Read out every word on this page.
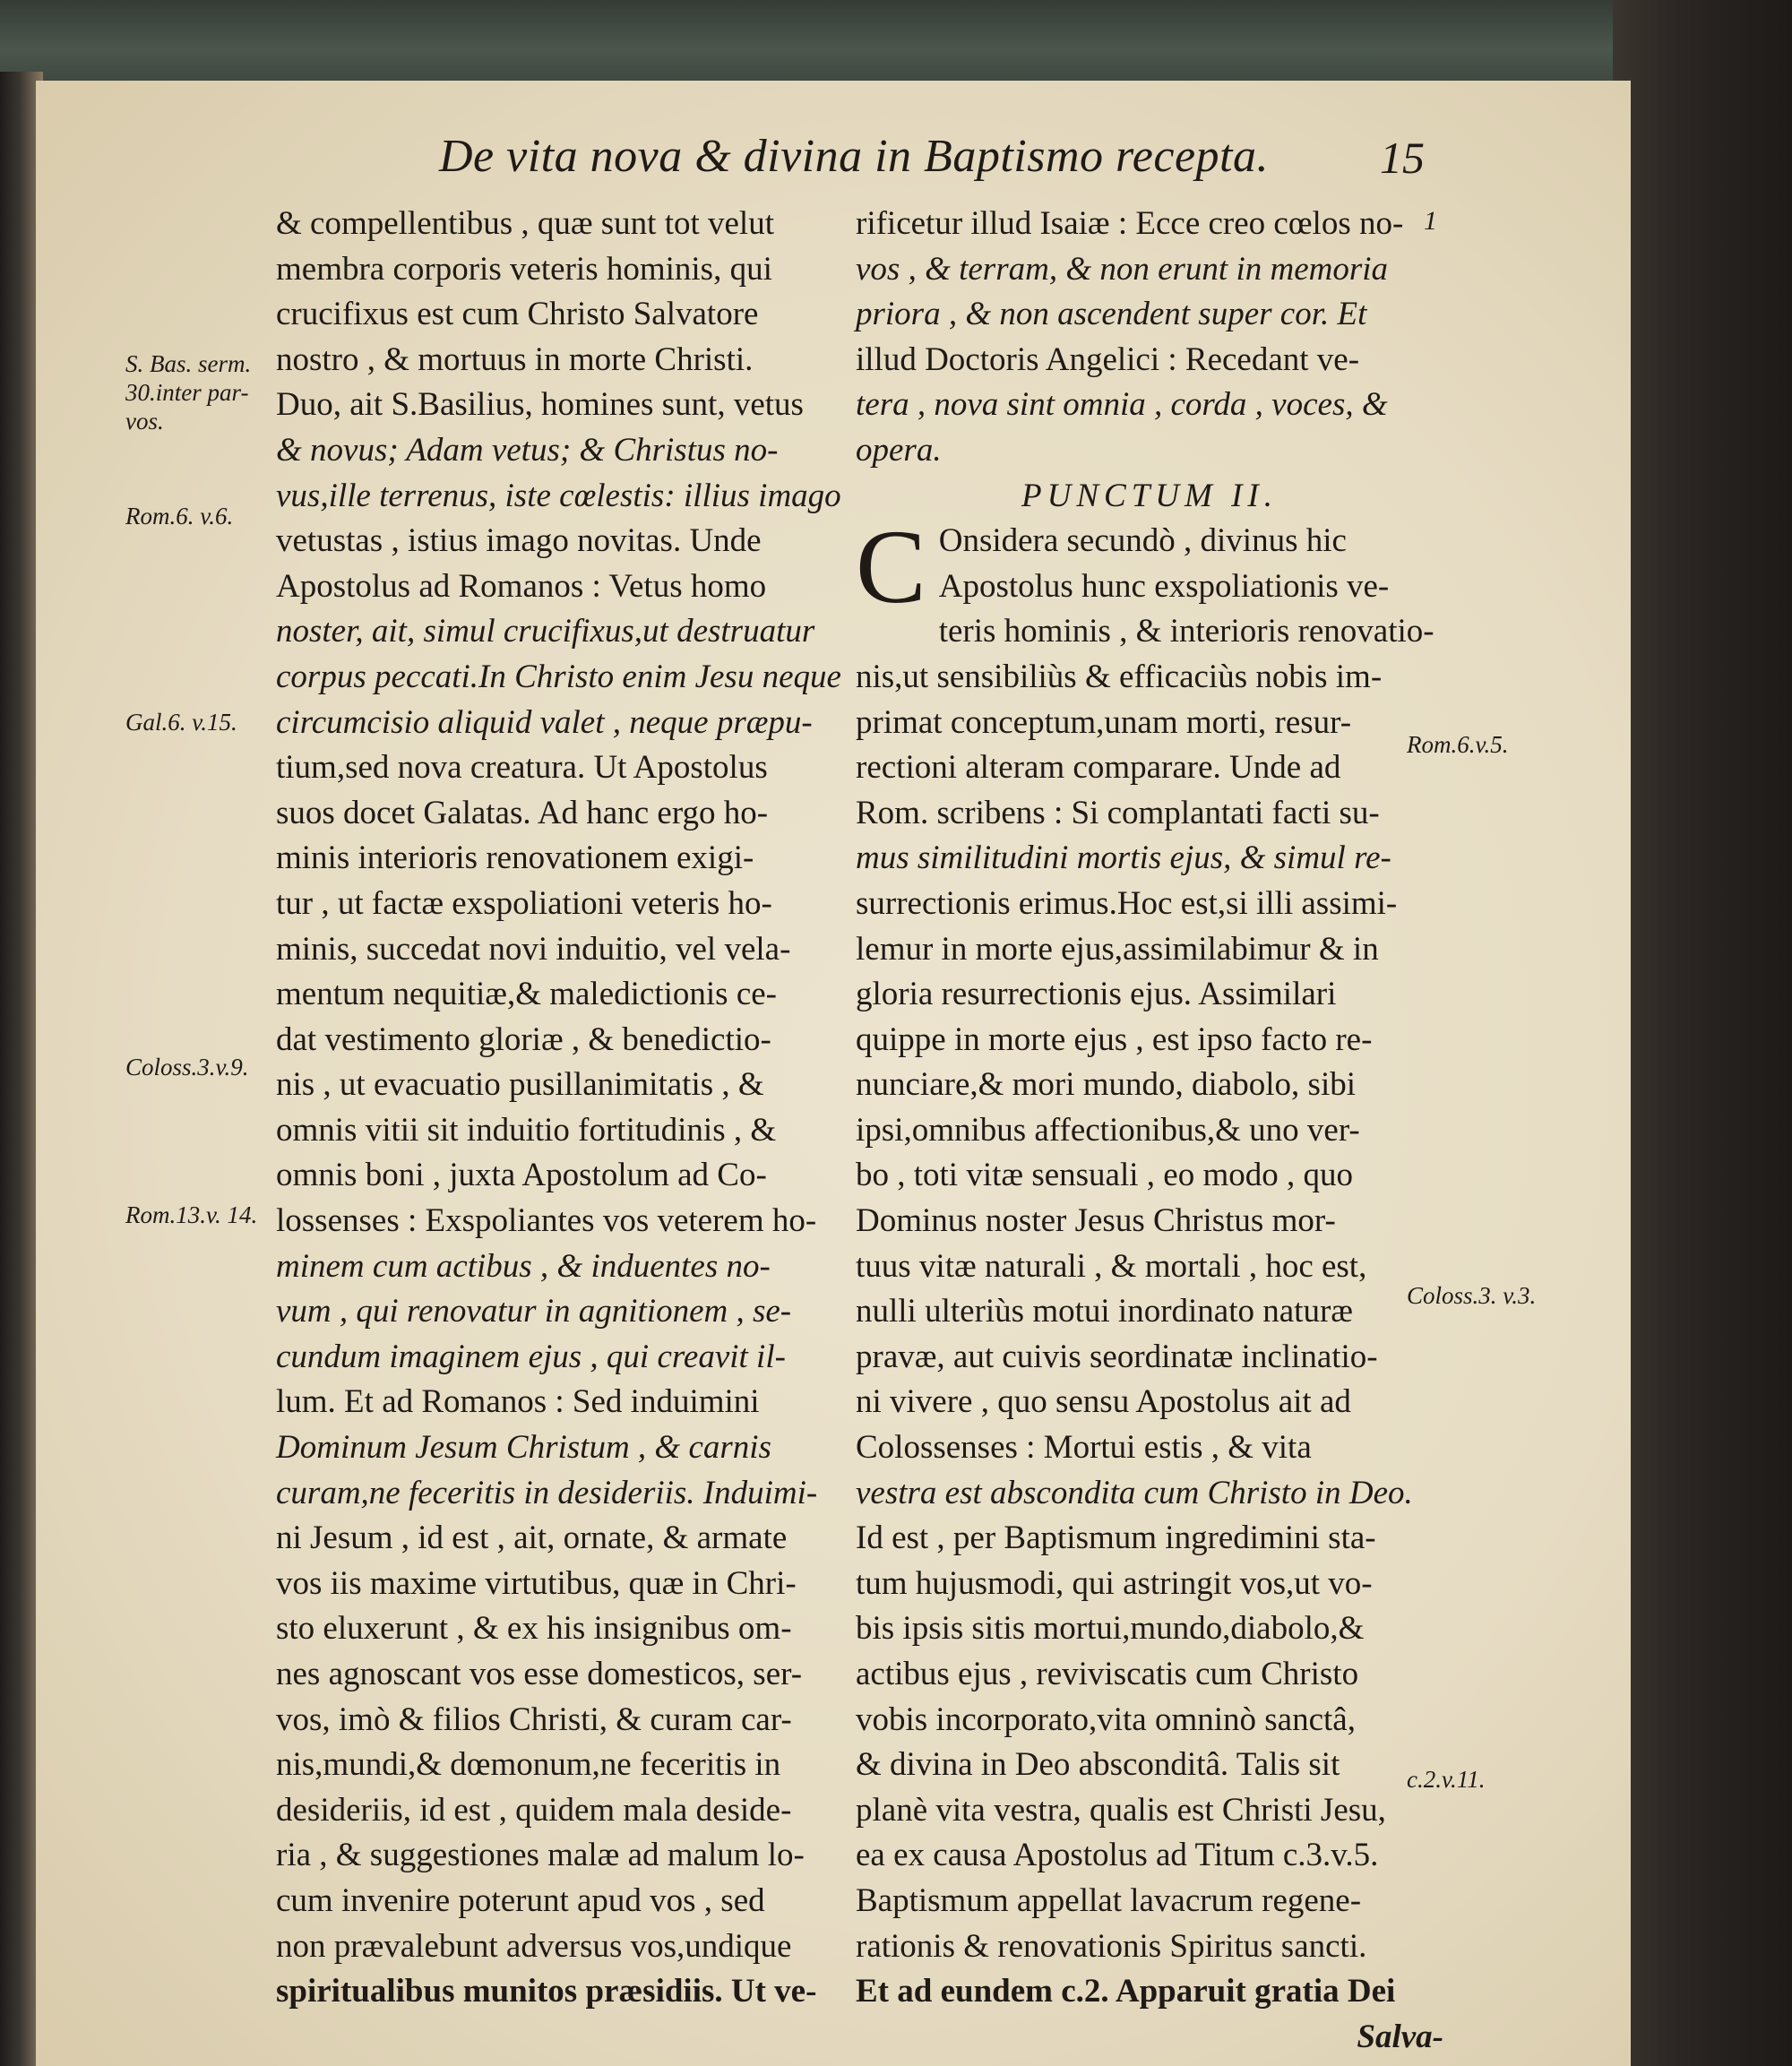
De vita nova & divina in Baptismo recepta. 15
1
S. Bas. serm. 30.inter par- vos.
Rom.6. v.6.
Gal.6. v.15.
Coloss.3.v.9.
Rom.13.v. 14.
Rom.6.v.5.
Coloss.3. v.3.
c.2.v.11.
& compellentibus , quæ sunt tot velut
membra corporis veteris hominis, qui
crucifixus est cum Christo Salvatore
nostro , & mortuus in morte Christi.
Duo, ait S.Basilius, homines sunt, vetus
& novus; Adam vetus; & Christus no-
vus,ille terrenus, iste cœlestis: illius imago
vetustas , istius imago novitas. Unde
Apostolus ad Romanos : Vetus homo
noster, ait, simul crucifixus,ut destruatur
corpus peccati.In Christo enim Jesu neque
circumcisio aliquid valet , neque præpu-
tium,sed nova creatura. Ut Apostolus
suos docet Galatas. Ad hanc ergo ho-
minis interioris renovationem exigi-
tur , ut factæ exspoliationi veteris ho-
minis, succedat novi induitio, vel vela-
mentum nequitiæ,& maledictionis ce-
dat vestimento gloriæ , & benedictio-
nis , ut evacuatio pusillanimitatis , &
omnis vitii sit induitio fortitudinis , &
omnis boni , juxta Apostolum ad Co-
lossenses : Exspoliantes vos veterem ho-
minem cum actibus , & induentes no-
vum , qui renovatur in agnitionem , se-
cundum imaginem ejus , qui creavit il-
lum. Et ad Romanos : Sed induimini
Dominum Jesum Christum , & carnis
curam,ne feceritis in desideriis. Induimi-
ni Jesum , id est , ait, ornate, & armate
vos iis maxime virtutibus, quæ in Chri-
sto eluxerunt , & ex his insignibus om-
nes agnoscant vos esse domesticos, ser-
vos, imò & filios Christi, & curam car-
nis,mundi,& dœmonum,ne feceritis in
desideriis, id est , quidem mala deside-
ria , & suggestiones malæ ad malum lo-
cum invenire poterunt apud vos , sed
non prævalebunt adversus vos,undique
spiritualibus munitos præsidiis. Ut ve-
rificetur illud Isaiæ : Ecce creo cœlos no-
vos , & terram, & non erunt in memoria
priora , & non ascendent super cor. Et
illud Doctoris Angelici : Recedant ve-
tera , nova sint omnia , corda , voces, &
opera.
PUNCTUM II.
C Onsidera secundò , divinus hic
Apostolus hunc exspoliationis ve-
teris hominis , & interioris renovatio-
nis,ut sensibiliùs & efficaciùs nobis im-
primat conceptum,unam morti, resur-
rectioni alteram comparare. Unde ad
Rom. scribens : Si complantati facti su-
mus similitudini mortis ejus, & simul re-
surrectionis erimus.Hoc est,si illi assimi-
lemur in morte ejus,assimilabimur & in
gloria resurrectionis ejus. Assimilari
quippe in morte ejus , est ipso facto re-
nunciare,& mori mundo, diabolo, sibi
ipsi,omnibus affectionibus,& uno ver-
bo , toti vitæ sensuali , eo modo , quo
Dominus noster Jesus Christus mor-
tuus vitæ naturali , & mortali , hoc est,
nulli ulteriùs motui inordinato naturæ
pravæ, aut cuivis seordinatæ inclinatio-
ni vivere , quo sensu Apostolus ait ad
Colossenses : Mortui estis , & vita
vestra est abscondita cum Christo in Deo.
Id est , per Baptismum ingredimini sta-
tum hujusmodi, qui astringit vos,ut vo-
bis ipsis sitis mortui,mundo,diabolo,&
actibus ejus , reviviscatis cum Christo
vobis incorporato,vita omninò sanctâ,
& divina in Deo absconditâ. Talis sit
planè vita vestra, qualis est Christi Jesu,
ea ex causa Apostolus ad Titum c.3.v.5.
Baptismum appellat lavacrum regene-
rationis & renovationis Spiritus sancti.
Et ad eundem c.2. Apparuit gratia Dei
Salva-
